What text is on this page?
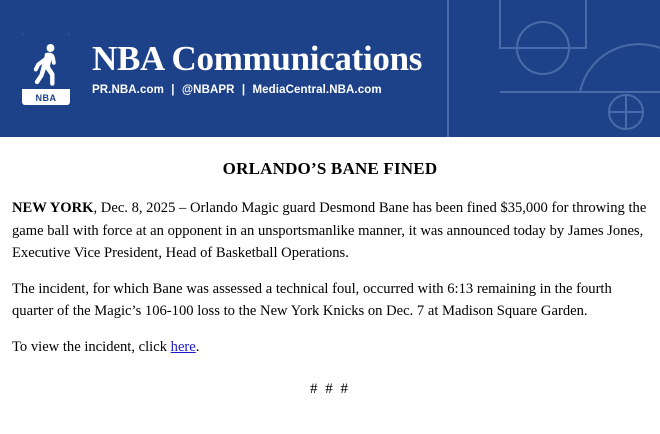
NBA
NBA Communications
PR.NBA.com | @NBAPR | MediaCentral.NBA.com
ORLANDO’S BANE FINED

NEW YORK, Dec. 8, 2025 – Orlando Magic guard Desmond Bane has been fined $35,000 for throwing the game ball with force at an opponent in an unsportsmanlike manner, it was announced today by James Jones, Executive Vice President, Head of Basketball Operations.

The incident, for which Bane was assessed a technical foul, occurred with 6:13 remaining in the fourth quarter of the Magic’s 106-100 loss to the New York Knicks on Dec. 7 at Madison Square Garden.

To view the incident, click here.

# # #
